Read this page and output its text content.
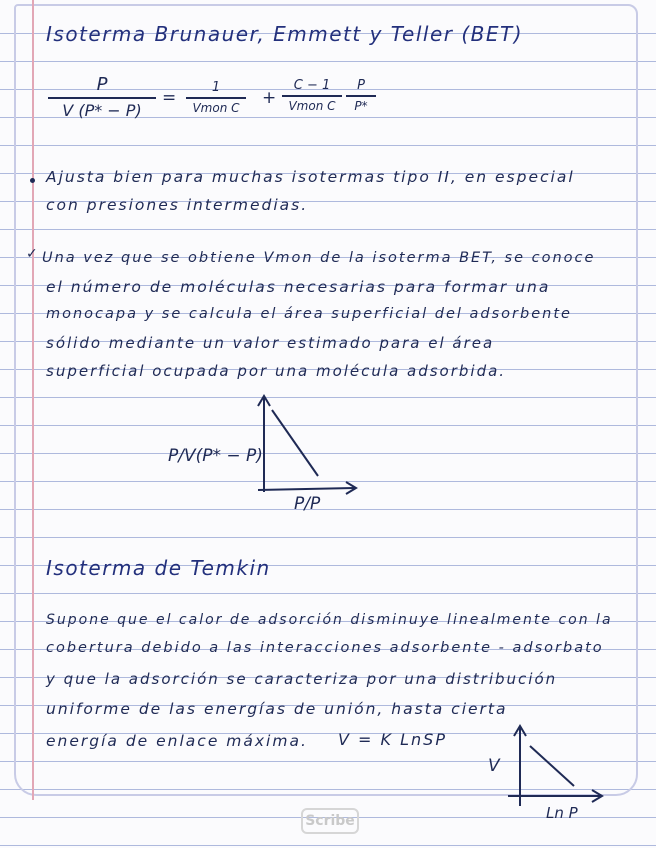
Isoterma Brunauer, Emmett y Teller (BET)
P
V (P* − P)
=
1
Vmon C	+
C − 1
Vmon C
P
P*
Ajusta bien para muchas isotermas tipo II, en especial
con presiones intermedias.
✓ Una vez que se obtiene Vmon de la isoterma BET, se conoce
el número de moléculas necesarias para formar una
monocapa y se calcula el área superficial del adsorbente
sólido mediante un valor estimado para el área
superficial ocupada por una molécula adsorbida.
P/V(P* − P)
P/P
Isoterma de Temkin
Supone que el calor de adsorción disminuye linealmente con la
cobertura debido a las interacciones adsorbente - adsorbato
y que la adsorción se caracteriza por una distribución
uniforme de las energías de unión, hasta cierta
energía de enlace máxima. V = K LnSP
V
Ln P
Scribe
